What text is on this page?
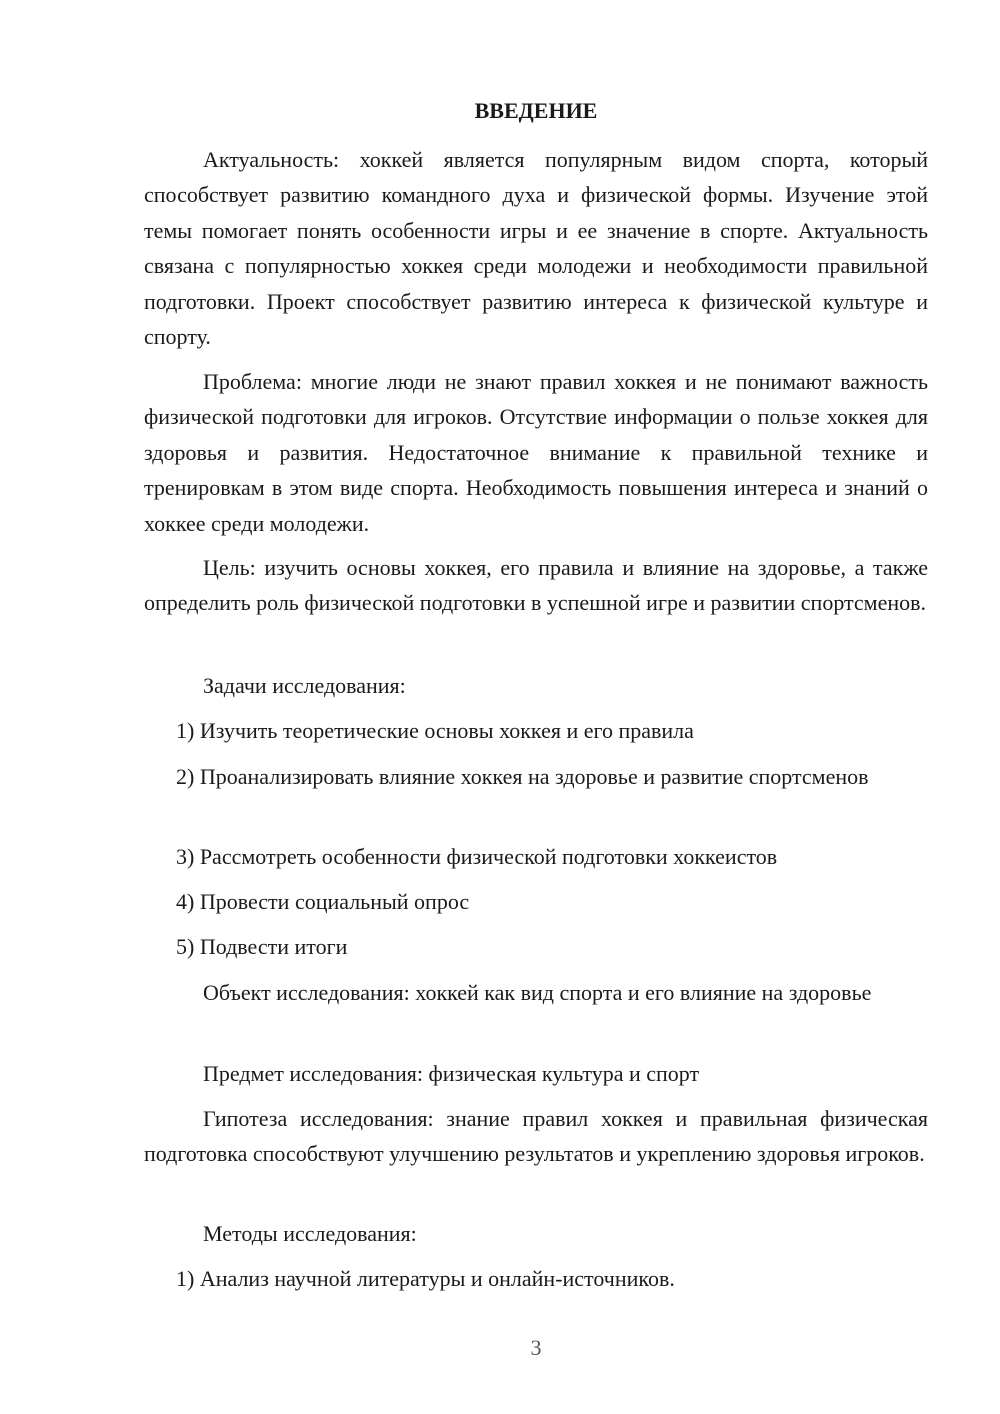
ВВЕДЕНИЕ

Актуальность: хоккей является популярным видом спорта, который способствует развитию командного духа и физической формы. Изучение этой темы помогает понять особенности игры и ее значение в спорте. Актуальность связана с популярностью хоккея среди молодежи и необходимости правильной подготовки. Проект способствует развитию интереса к физической культуре и спорту.

Проблема: многие люди не знают правил хоккея и не понимают важность физической подготовки для игроков. Отсутствие информации о пользе хоккея для здоровья и развития. Недостаточное внимание к правильной технике и тренировкам в этом виде спорта. Необходимость повышения интереса и знаний о хоккее среди молодежи.

Цель: изучить основы хоккея, его правила и влияние на здоровье, а также определить роль физической подготовки в успешной игре и развитии спортсменов.

Задачи исследования:

1) Изучить теоретические основы хоккея и его правила

2) Проанализировать влияние хоккея на здоровье и развитие спортсменов

3) Рассмотреть особенности физической подготовки хоккеистов

4) Провести социальный опрос

5) Подвести итоги

Объект исследования: хоккей как вид спорта и его влияние на здоровье

Предмет исследования: физическая культура и спорт

Гипотеза исследования: знание правил хоккея и правильная физическая подготовка способствуют улучшению результатов и укреплению здоровья игроков.

Методы исследования:

1) Анализ научной литературы и онлайн-источников.

3
